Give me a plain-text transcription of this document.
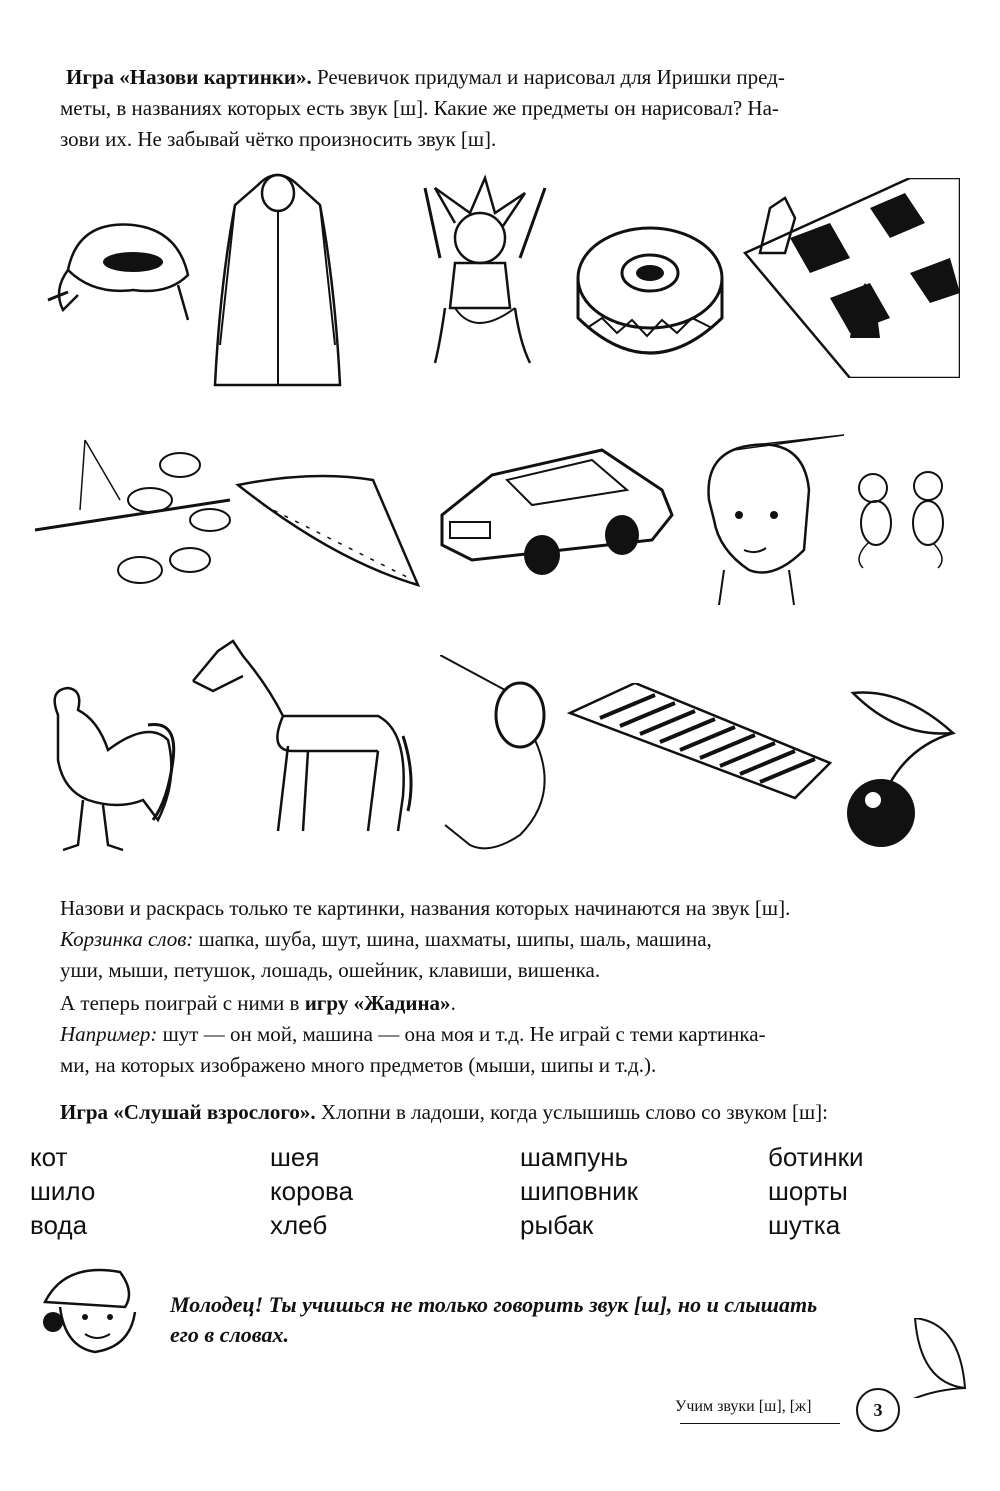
Игра «Назови картинки». Речевичок придумал и нарисовал для Иришки пред-

меты, в названиях которых есть звук [ш]. Какие же предметы он нарисовал? На-

зови их. Не забывай чётко произносить звук [ш].

Назови и раскрась только те картинки, названия которых начинаются на звук [ш].

Корзинка слов: шапка, шуба, шут, шина, шахматы, шипы, шаль, машина,

уши, мыши, петушок, лошадь, ошейник, клавиши, вишенка.

А теперь поиграй с ними в игру «Жадина».

Например: шут — он мой, машина — она моя и т.д. Не играй с теми картинка-

ми, на которых изображено много предметов (мыши, шипы и т.д.).

Игра «Слушай взрослого». Хлопни в ладоши, когда услышишь слово со звуком [ш]:

кот
шило
вода
шея
корова
хлеб
шампунь
шиповник
рыбак
ботинки
шорты
шутка
Молодец! Ты учишься не только говорить звук [ш], но и слышать
его в словах.
Учим звуки [ш], [ж]	3
